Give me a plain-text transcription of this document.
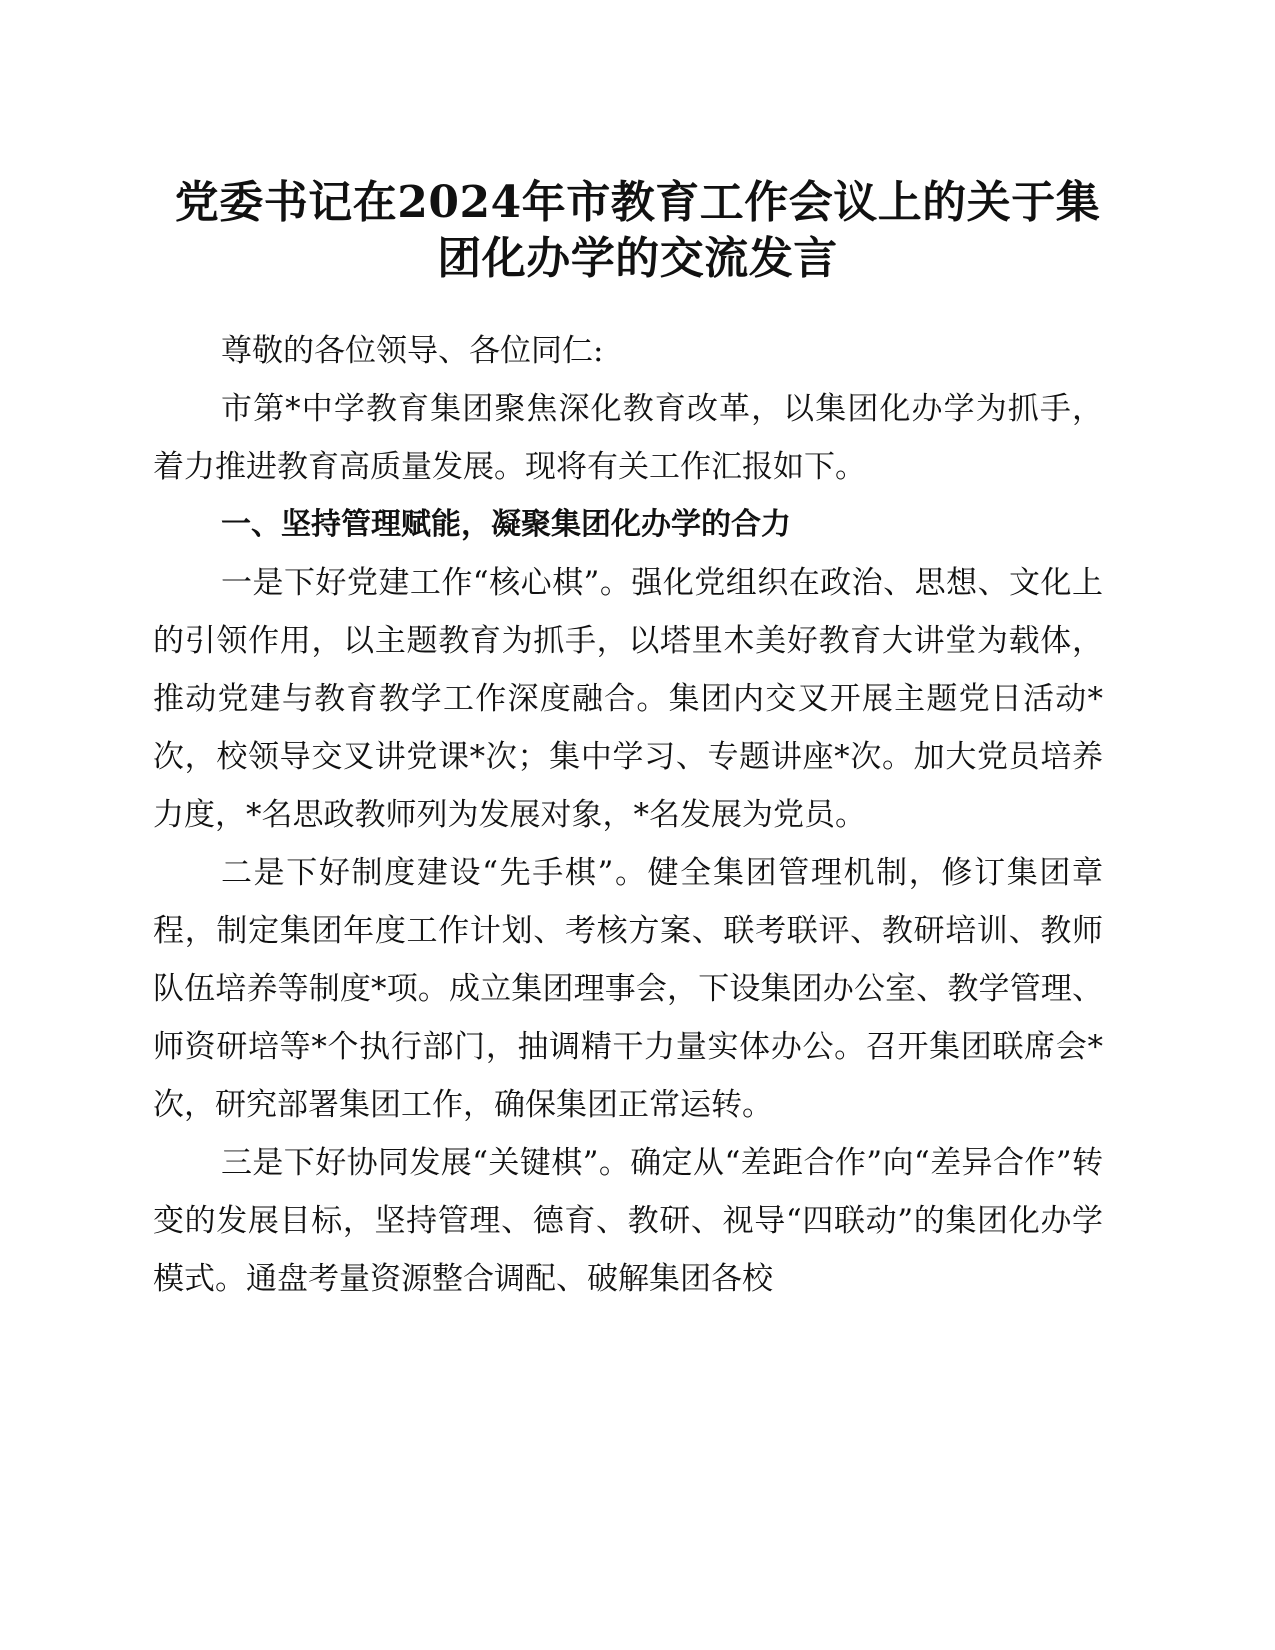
党委书记在2024年市教育工作会议上的关于集
团化办学的交流发言

尊敬的各位领导、各位同仁:

市第*中学教育集团聚焦深化教育改革，以集团化办学为抓手，着力推进教育高质量发展。现将有关工作汇报如下。

一、坚持管理赋能，凝聚集团化办学的合力

一是下好党建工作“核心棋”。强化党组织在政治、思想、文化上的引领作用，以主题教育为抓手，以塔里木美好教育大讲堂为载体，推动党建与教育教学工作深度融合。集团内交叉开展主题党日活动*次，校领导交叉讲党课*次；集中学习、专题讲座*次。加大党员培养力度，*名思政教师列为发展对象，*名发展为党员。

二是下好制度建设“先手棋”。健全集团管理机制，修订集团章程，制定集团年度工作计划、考核方案、联考联评、教研培训、教师队伍培养等制度*项。成立集团理事会，下设集团办公室、教学管理、师资研培等*个执行部门，抽调精干力量实体办公。召开集团联席会*次，研究部署集团工作，确保集团正常运转。

三是下好协同发展“关键棋”。确定从“差距合作”向“差异合作”转变的发展目标，坚持管理、德育、教研、视导“四联动”的集团化办学模式。通盘考量资源整合调配、破解集团各校
